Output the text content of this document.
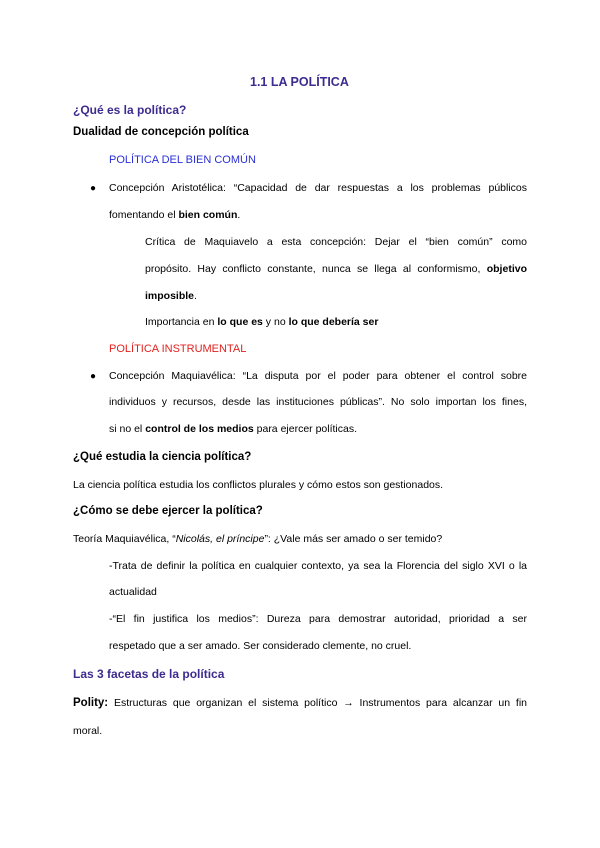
1.1 LA POLÍTICA
¿Qué es la política?
Dualidad de concepción política
POLÍTICA DEL BIEN COMÚN
● Concepción Aristotélica: “Capacidad de dar respuestas a los problemas públicos
fomentando el bien común.
Crítica de Maquiavelo a esta concepción: Dejar el “bien común” como
propósito. Hay conflicto constante, nunca se llega al conformismo, objetivo
imposible.
Importancia en lo que es y no lo que debería ser
POLÍTICA INSTRUMENTAL
● Concepción Maquiavélica: “La disputa por el poder para obtener el control sobre
individuos y recursos, desde las instituciones públicas”. No solo importan los fines,
si no el control de los medios para ejercer políticas.
¿Qué estudia la ciencia política?
La ciencia política estudia los conflictos plurales y cómo estos son gestionados.
¿Cómo se debe ejercer la política?
Teoría Maquiavélica, “Nicolás, el príncipe”: ¿Vale más ser amado o ser temido?
-Trata de definir la política en cualquier contexto, ya sea la Florencia del siglo XVI o la
actualidad
-“El fin justifica los medios”: Dureza para demostrar autoridad, prioridad a ser
respetado que a ser amado. Ser considerado clemente, no cruel.
Las 3 facetas de la política
Polity: Estructuras que organizan el sistema político → Instrumentos para alcanzar un fin
moral.
